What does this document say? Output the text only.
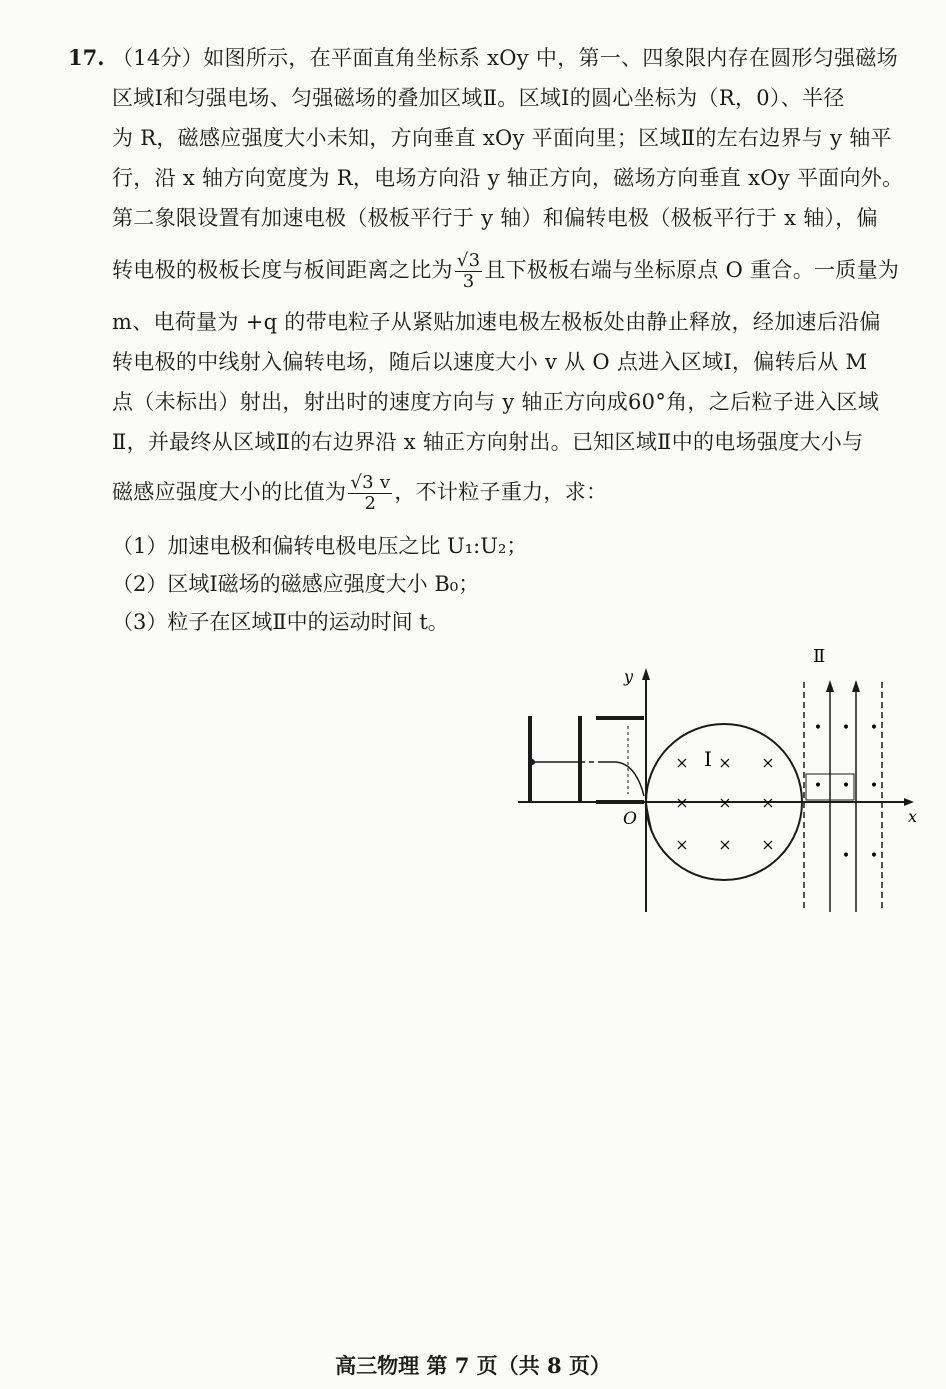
17. （14分）如图所示，在平面直角坐标系 xOy 中，第一、四象限内存在圆形匀强磁场
区域Ⅰ和匀强电场、匀强磁场的叠加区域Ⅱ。区域Ⅰ的圆心坐标为（R，0）、半径
为 R，磁感应强度大小未知，方向垂直 xOy 平面向里；区域Ⅱ的左右边界与 y 轴平
行，沿 x 轴方向宽度为 R，电场方向沿 y 轴正方向，磁场方向垂直 xOy 平面向外。
第二象限设置有加速电极（极板平行于 y 轴）和偏转电极（极板平行于 x 轴），偏
转电极的极板长度与板间距离之比为 $\frac{√3}{3}$ 且下极板右端与坐标原点 O 重合。一质量为
m、电荷量为 +q 的带电粒子从紧贴加速电极左极板处由静止释放，经加速后沿偏
转电极的中线射入偏转电场，随后以速度大小 v 从 O 点进入区域Ⅰ，偏转后从 M
点（未标出）射出，射出时的速度方向与 y 轴正方向成60°角，之后粒子进入区域
Ⅱ，并最终从区域Ⅱ的右边界沿 x 轴正方向射出。已知区域Ⅱ中的电场强度大小与
磁感应强度大小的比值为 $\frac{√3 v}{2}$ ，不计粒子重力，求：
（1）加速电极和偏转电极电压之比 U₁:U₂；
（2）区域Ⅰ磁场的磁感应强度大小 B₀；
（3）粒子在区域Ⅱ中的运动时间 t。
x
y
O
I
× × ×
× × ×
× × ×
Ⅱ
• • •
• • •
• •
高三物理 第 7 页（共 8 页）
